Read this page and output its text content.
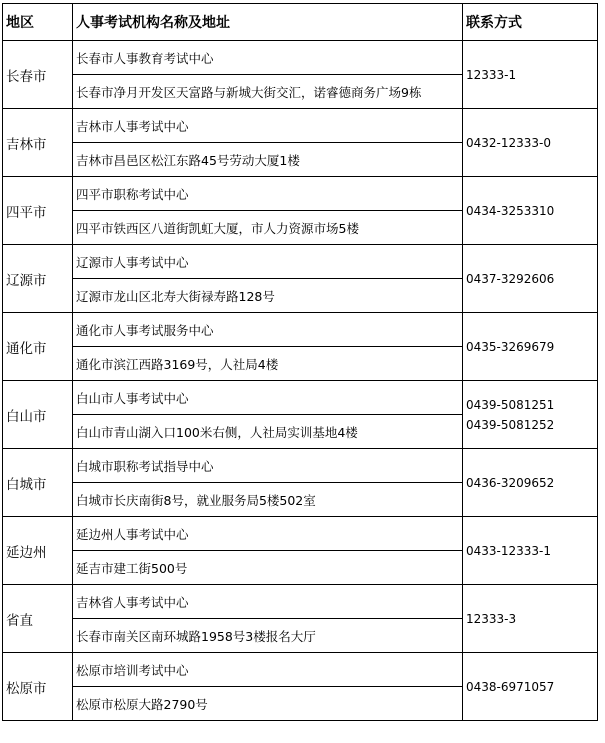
地区	人事考试机构名称及地址	联系方式
长春市	长春市人事教育考试中心	12333-1

	长春市净月开发区天富路与新城大街交汇，诺睿德商务广场9栋	
吉林市	吉林市人事考试中心	0432-12333-0

	吉林市昌邑区松江东路45号劳动大厦1楼	
四平市	四平市职称考试中心	0434-3253310

	四平市铁西区八道街凯虹大厦，市人力资源市场5楼	
辽源市	辽源市人事考试中心	0437-3292606

	辽源市龙山区北寿大街禄寿路128号	
通化市	通化市人事考试服务中心	0435-3269679

	通化市滨江西路3169号，人社局4楼	
白山市	白山市人事考试中心	0439-5081251
0439-5081252

	白山市青山湖入口100米右侧，人社局实训基地4楼	
白城市	白城市职称考试指导中心	0436-3209652

	白城市长庆南街8号，就业服务局5楼502室	
延边州	延边州人事考试中心	0433-12333-1

	延吉市建工街500号	
省直	吉林省人事考试中心	12333-3

	长春市南关区南环城路1958号3楼报名大厅	
松原市	松原市培训考试中心	0438-6971057

	松原市松原大路2790号	
